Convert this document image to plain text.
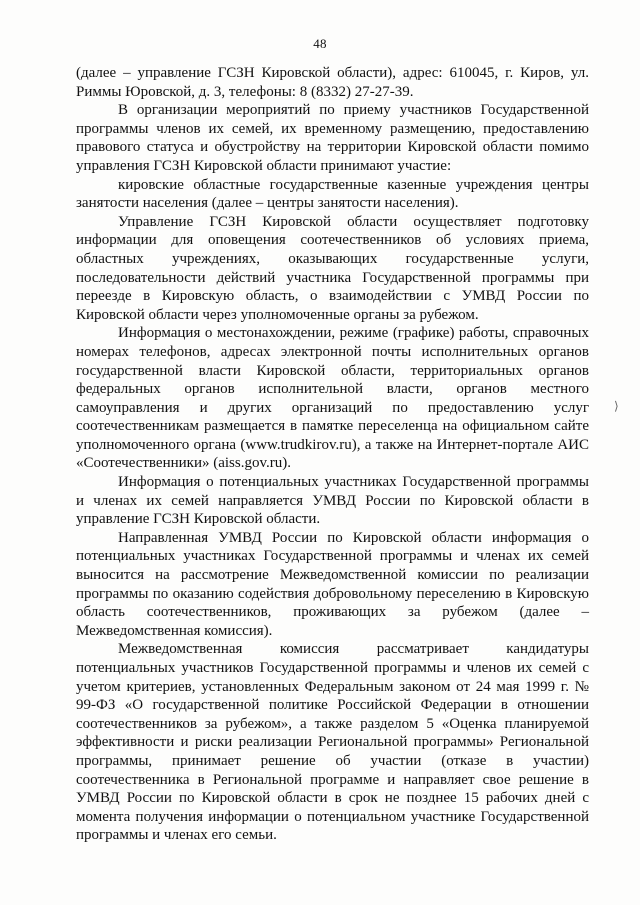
48

(далее – управление ГСЗН Кировской области), адрес: 610045, г. Киров, ул. Риммы Юровской, д. 3, телефоны: 8 (8332) 27-27-39.

В организации мероприятий по приему участников Государственной программы членов их семей, их временному размещению, предоставлению правового статуса и обустройству на территории Кировской области помимо управления ГСЗН Кировской области принимают участие:

кировские областные государственные казенные учреждения центры занятости населения (далее – центры занятости населения).

Управление ГСЗН Кировской области осуществляет подготовку информации для оповещения соотечественников об условиях приема, областных учреждениях, оказывающих государственные услуги, последовательности действий участника Государственной программы при переезде в Кировскую область, о взаимодействии с УМВД России по Кировской области через уполномоченные органы за рубежом.

Информация о местонахождении, режиме (графике) работы, справочных номерах телефонов, адресах электронной почты исполнительных органов государственной власти Кировской области, территориальных органов федеральных органов исполнительной власти, органов местного самоуправления и других организаций по предоставлению услуг соотечественникам размещается в памятке переселенца на официальном сайте уполномоченного органа (www.trudkirov.ru), а также на Интернет-портале АИС «Соотечественники» (aiss.gov.ru).

Информация о потенциальных участниках Государственной программы и членах их семей направляется УМВД России по Кировской области в управление ГСЗН Кировской области.

Направленная УМВД России по Кировской области информация о потенциальных участниках Государственной программы и членах их семей выносится на рассмотрение Межведомственной комиссии по реализации программы по оказанию содействия добровольному переселению в Кировскую область соотечественников, проживающих за рубежом (далее – Межведомственная комиссия).

Межведомственная комиссия рассматривает кандидатуры потенциальных участников Государственной программы и членов их семей с учетом критериев, установленных Федеральным законом от 24 мая 1999 г. № 99-ФЗ «О государственной политике Российской Федерации в отношении соотечественников за рубежом», а также разделом 5 «Оценка планируемой эффективности и риски реализации Региональной программы» Региональной программы, принимает решение об участии (отказе в участии) соотечественника в Региональной программе и направляет свое решение в УМВД России по Кировской области в срок не позднее 15 рабочих дней с момента получения информации о потенциальном участнике Государственной программы и членах его семьи.

⟩
